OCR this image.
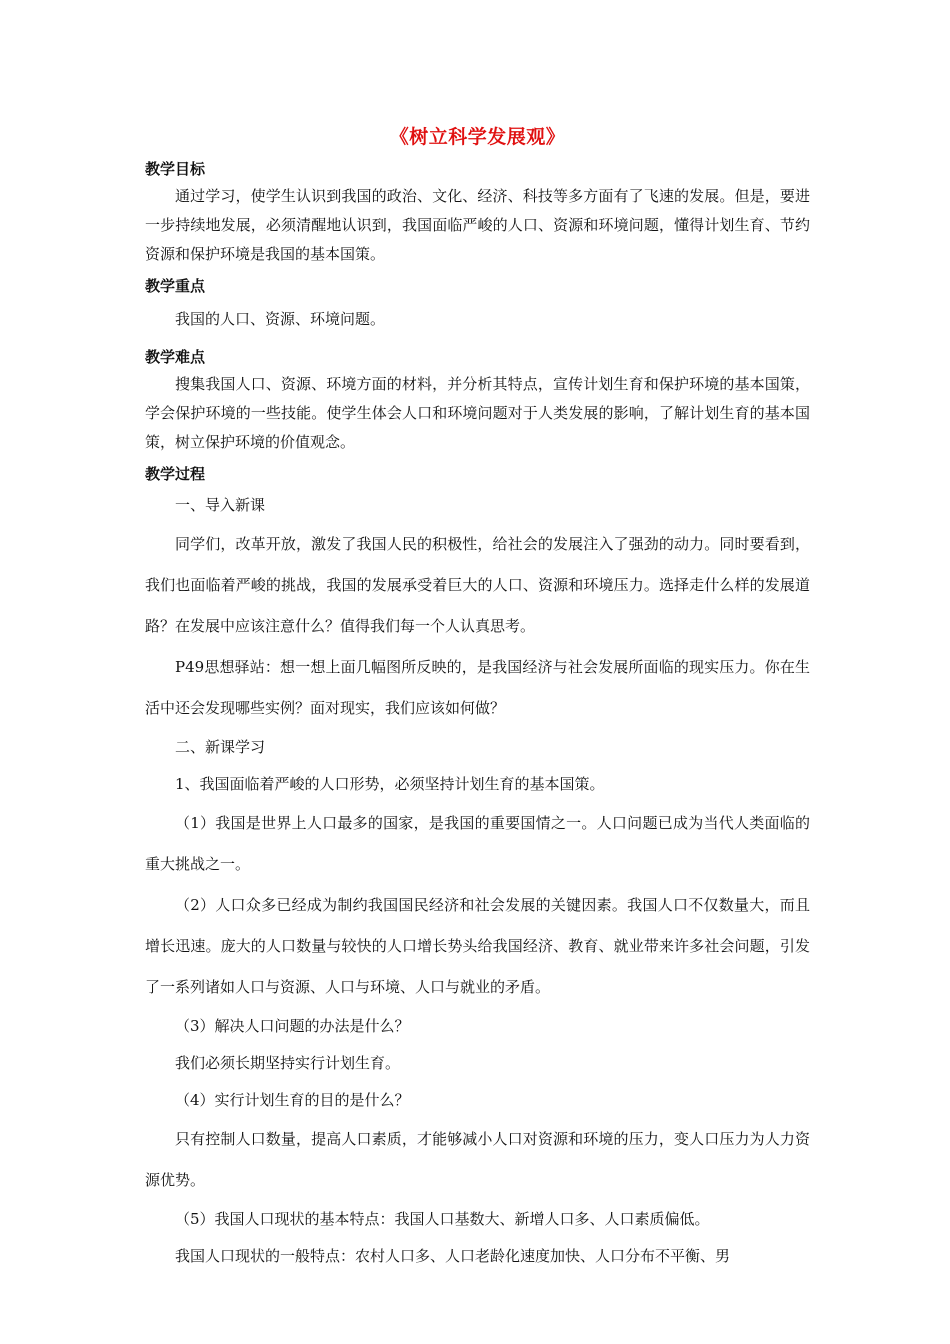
《树立科学发展观》
教学目标
通过学习，使学生认识到我国的政治、文化、经济、科技等多方面有了飞速的发展。但是，要进一步持续地发展，必须清醒地认识到，我国面临严峻的人口、资源和环境问题，懂得计划生育、节约资源和保护环境是我国的基本国策。
教学重点
我国的人口、资源、环境问题。
教学难点
搜集我国人口、资源、环境方面的材料，并分析其特点，宣传计划生育和保护环境的基本国策，学会保护环境的一些技能。使学生体会人口和环境问题对于人类发展的影响，了解计划生育的基本国策，树立保护环境的价值观念。
教学过程
一、导入新课
同学们，改革开放，激发了我国人民的积极性，给社会的发展注入了强劲的动力。同时要看到，我们也面临着严峻的挑战，我国的发展承受着巨大的人口、资源和环境压力。选择走什么样的发展道路？在发展中应该注意什么？值得我们每一个人认真思考。
P49思想驿站：想一想上面几幅图所反映的，是我国经济与社会发展所面临的现实压力。你在生活中还会发现哪些实例？面对现实，我们应该如何做？
二、新课学习
1、我国面临着严峻的人口形势，必须坚持计划生育的基本国策。
（1）我国是世界上人口最多的国家，是我国的重要国情之一。人口问题已成为当代人类面临的重大挑战之一。
（2）人口众多已经成为制约我国国民经济和社会发展的关键因素。我国人口不仅数量大，而且增长迅速。庞大的人口数量与较快的人口增长势头给我国经济、教育、就业带来许多社会问题，引发了一系列诸如人口与资源、人口与环境、人口与就业的矛盾。
（3）解决人口问题的办法是什么？
我们必须长期坚持实行计划生育。
（4）实行计划生育的目的是什么？
只有控制人口数量，提高人口素质，才能够减小人口对资源和环境的压力，变人口压力为人力资源优势。
（5）我国人口现状的基本特点：我国人口基数大、新增人口多、人口素质偏低。
我国人口现状的一般特点：农村人口多、人口老龄化速度加快、人口分布不平衡、男
